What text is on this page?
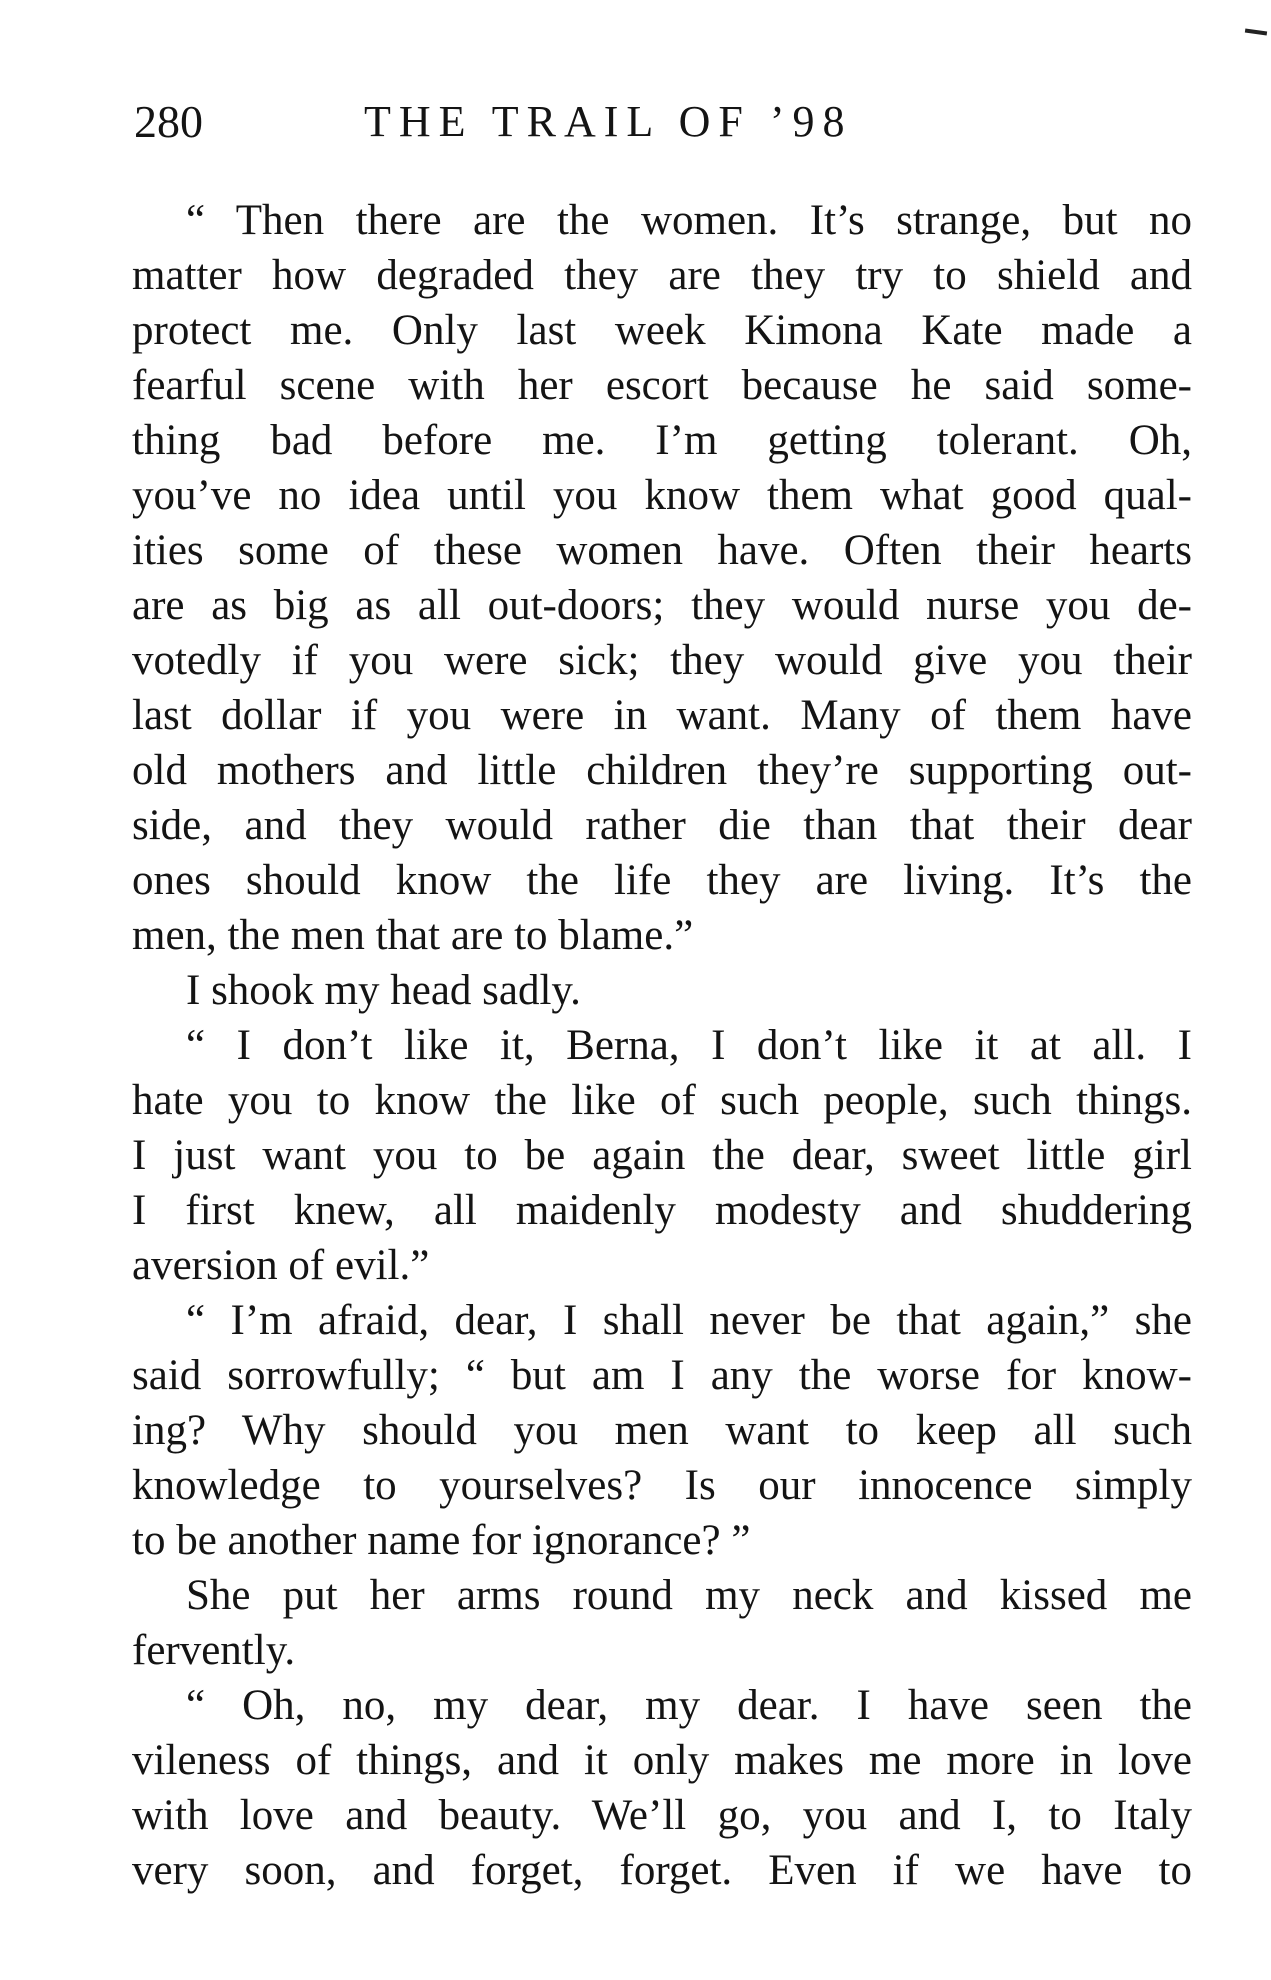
280	THE TRAIL OF ’98
“ Then there are the women. It’s strange, but no
matter how degraded they are they try to shield and
protect me. Only last week Kimona Kate made a
fearful scene with her escort because he said some-
thing bad before me. I’m getting tolerant. Oh,
you’ve no idea until you know them what good qual-
ities some of these women have. Often their hearts
are as big as all out-doors; they would nurse you de-
votedly if you were sick; they would give you their
last dollar if you were in want. Many of them have
old mothers and little children they’re supporting out-
side, and they would rather die than that their dear
ones should know the life they are living. It’s the
men, the men that are to blame.”
I shook my head sadly.
“ I don’t like it, Berna, I don’t like it at all. I
hate you to know the like of such people, such things.
I just want you to be again the dear, sweet little girl
I first knew, all maidenly modesty and shuddering
aversion of evil.”
“ I’m afraid, dear, I shall never be that again,” she
said sorrowfully; “ but am I any the worse for know-
ing? Why should you men want to keep all such
knowledge to yourselves? Is our innocence simply
to be another name for ignorance? ”
She put her arms round my neck and kissed me
fervently.
“ Oh, no, my dear, my dear. I have seen the
vileness of things, and it only makes me more in love
with love and beauty. We’ll go, you and I, to Italy
very soon, and forget, forget. Even if we have to
